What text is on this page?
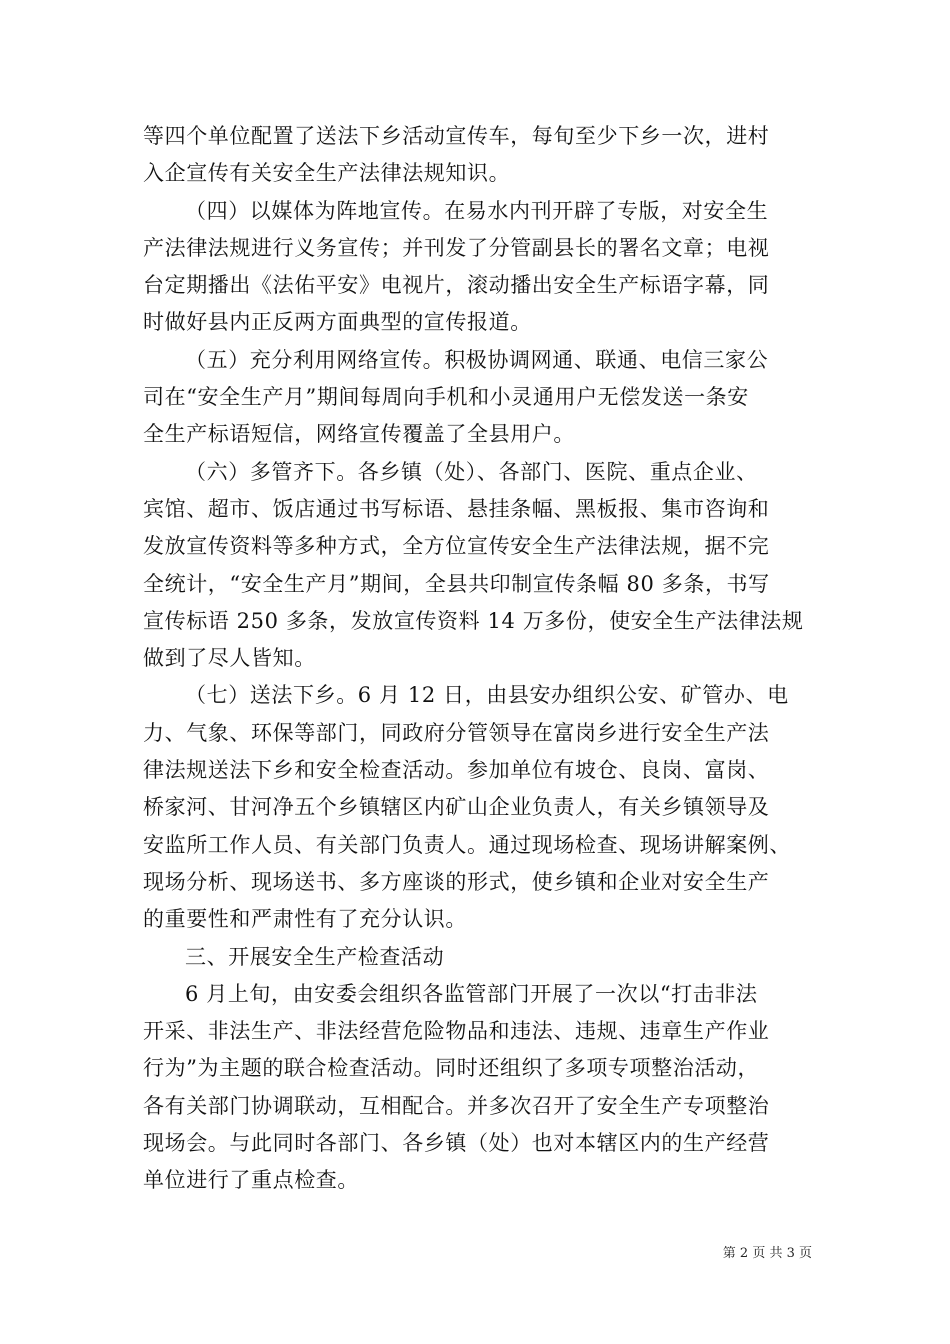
等四个单位配置了送法下乡活动宣传车，每旬至少下乡一次，进村
入企宣传有关安全生产法律法规知识。
（四）以媒体为阵地宣传。在易水内刊开辟了专版，对安全生
产法律法规进行义务宣传；并刊发了分管副县长的署名文章；电视
台定期播出《法佑平安》电视片，滚动播出安全生产标语字幕，同
时做好县内正反两方面典型的宣传报道。
（五）充分利用网络宣传。积极协调网通、联通、电信三家公
司在“安全生产月”期间每周向手机和小灵通用户无偿发送一条安
全生产标语短信，网络宣传覆盖了全县用户。
（六）多管齐下。各乡镇（处）、各部门、医院、重点企业、
宾馆、超市、饭店通过书写标语、悬挂条幅、黑板报、集市咨询和
发放宣传资料等多种方式，全方位宣传安全生产法律法规，据不完
全统计，“安全生产月”期间，全县共印制宣传条幅 80 多条，书写
宣传标语 250 多条，发放宣传资料 14 万多份，使安全生产法律法规
做到了尽人皆知。
（七）送法下乡。6 月 12 日，由县安办组织公安、矿管办、电
力、气象、环保等部门，同政府分管领导在富岗乡进行安全生产法
律法规送法下乡和安全检查活动。参加单位有坡仓、良岗、富岗、
桥家河、甘河净五个乡镇辖区内矿山企业负责人，有关乡镇领导及
安监所工作人员、有关部门负责人。通过现场检查、现场讲解案例、
现场分析、现场送书、多方座谈的形式，使乡镇和企业对安全生产
的重要性和严肃性有了充分认识。
三、开展安全生产检查活动
6 月上旬，由安委会组织各监管部门开展了一次以“打击非法
开采、非法生产、非法经营危险物品和违法、违规、违章生产作业
行为”为主题的联合检查活动。同时还组织了多项专项整治活动，
各有关部门协调联动，互相配合。并多次召开了安全生产专项整治
现场会。与此同时各部门、各乡镇（处）也对本辖区内的生产经营
单位进行了重点检查。
第 2 页 共 3 页
